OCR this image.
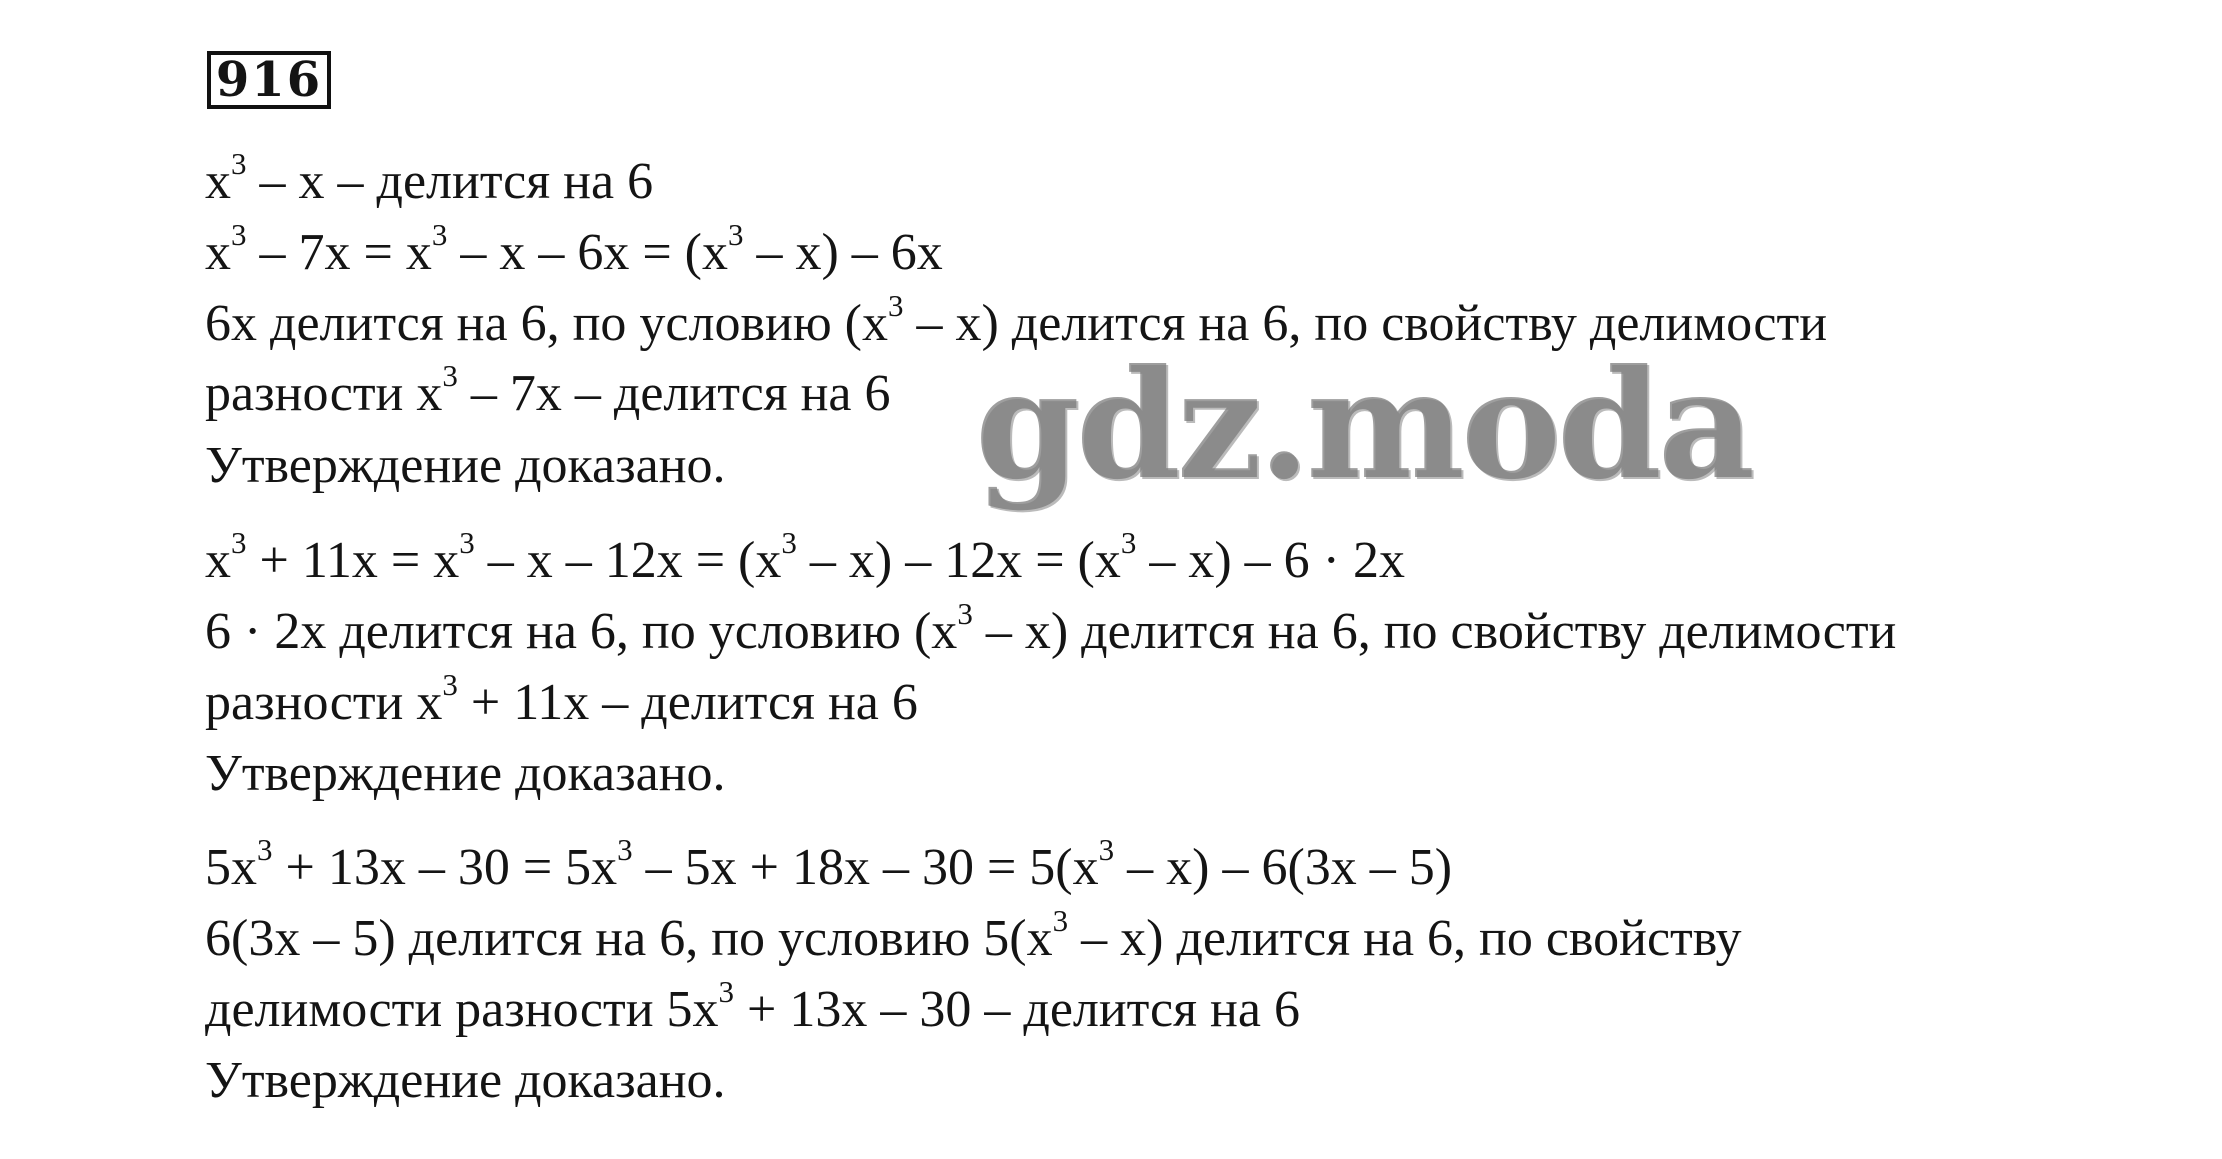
916
$x^3$ – x – делится на 6
$x^3 - 7x = x^3 - x - 6x = (x^3 - x) - 6x$
6x делится на 6, по условию $(x^3 - x)$ делится на 6, по свойству делимости
разности $x^3 - 7x$ – делится на 6
Утверждение доказано.
$x^3 + 11x = x^3 - x - 12x = (x^3 - x) - 12x = (x^3 - x) - 6 \cdot 2x$
6 · 2x делится на 6, по условию $(x^3 - x)$ делится на 6, по свойству делимости
разности $x^3 + 11x$ – делится на 6
Утверждение доказано.
$5x^3 + 13x - 30 = 5x^3 - 5x + 18x - 30 = 5(x^3 - x) - 6(3x - 5)$
6(3x – 5) делится на 6, по условию $5(x^3 - x)$ делится на 6, по свойству
делимости разности $5x^3 + 13x - 30$ – делится на 6
Утверждение доказано.
gdz.moda
